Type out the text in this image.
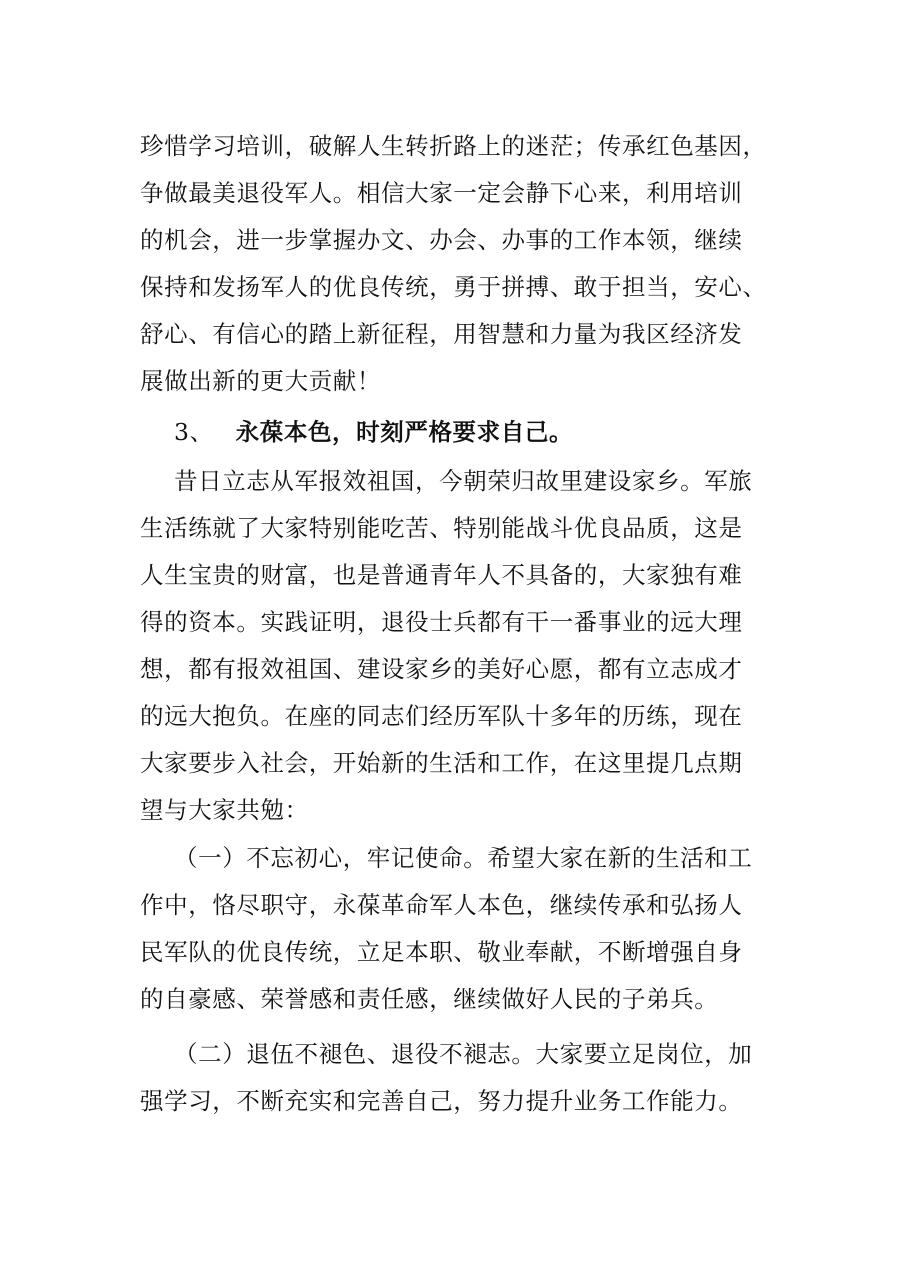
珍惜学习培训，破解人生转折路上的迷茫；传承红色基因，
争做最美退役军人。相信大家一定会静下心来，利用培训
的机会，进一步掌握办文、办会、办事的工作本领，继续
保持和发扬军人的优良传统，勇于拼搏、敢于担当，安心、
舒心、有信心的踏上新征程，用智慧和力量为我区经济发
展做出新的更大贡献！
3、 永葆本色，时刻严格要求自己。
昔日立志从军报效祖国，今朝荣归故里建设家乡。军旅
生活练就了大家特别能吃苦、特别能战斗优良品质，这是
人生宝贵的财富，也是普通青年人不具备的，大家独有难
得的资本。实践证明，退役士兵都有干一番事业的远大理
想，都有报效祖国、建设家乡的美好心愿，都有立志成才
的远大抱负。在座的同志们经历军队十多年的历练，现在
大家要步入社会，开始新的生活和工作，在这里提几点期
望与大家共勉：
（一）不忘初心，牢记使命。希望大家在新的生活和工
作中，恪尽职守，永葆革命军人本色，继续传承和弘扬人
民军队的优良传统，立足本职、敬业奉献，不断增强自身
的自豪感、荣誉感和责任感，继续做好人民的子弟兵。
（二）退伍不褪色、退役不褪志。大家要立足岗位，加
强学习，不断充实和完善自己，努力提升业务工作能力。
